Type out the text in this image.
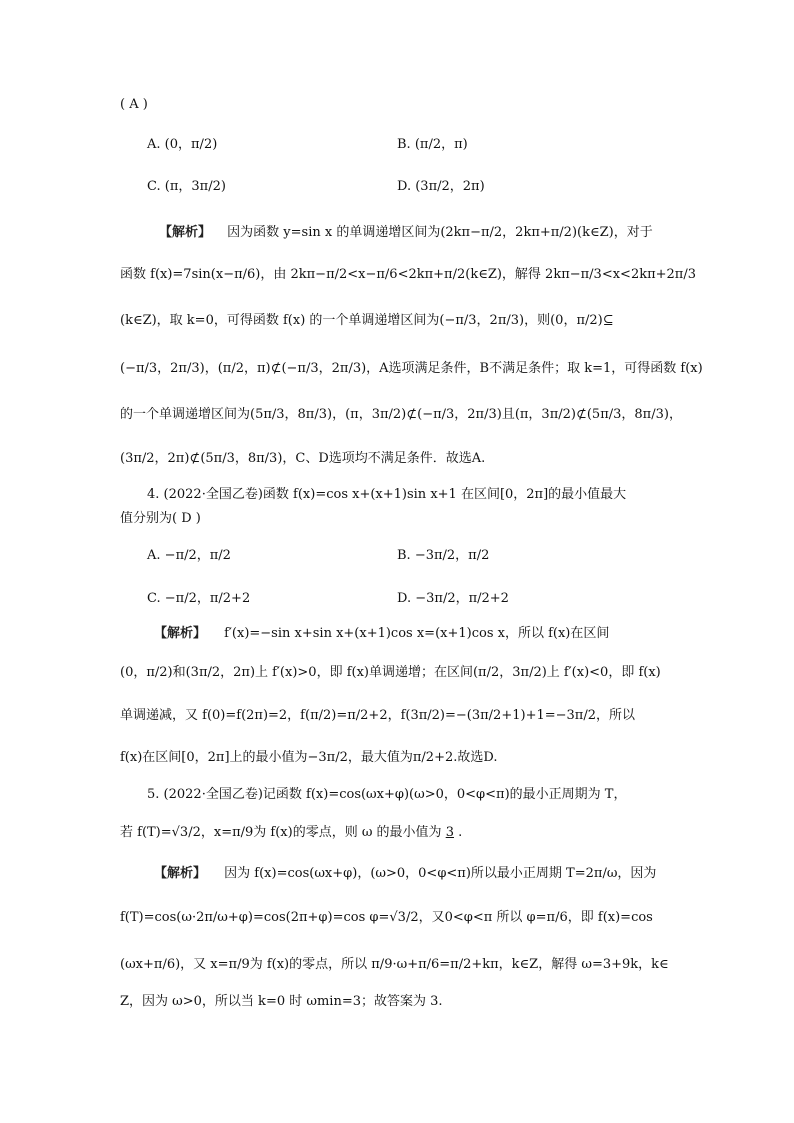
( A )
A. (0，π/2)	B. (π/2，π)
C. (π，3π/2)	D. (3π/2，2π)
【解析】 因为函数 y=sin x 的单调递增区间为(2kπ−π/2，2kπ+π/2)(k∈Z)，对于
函数 f(x)=7sin(x−π/6)，由 2kπ−π/2<x−π/6<2kπ+π/2(k∈Z)，解得 2kπ−π/3<x<2kπ+2π/3
(k∈Z)，取 k=0，可得函数 f(x) 的一个单调递增区间为(−π/3，2π/3)，则(0，π/2)⊆
(−π/3，2π/3)，(π/2，π)⊄(−π/3，2π/3)，A选项满足条件，B不满足条件；取 k=1，可得函数 f(x)
的一个单调递增区间为(5π/3，8π/3)，(π，3π/2)⊄(−π/3，2π/3)且(π，3π/2)⊄(5π/3，8π/3)，
(3π/2，2π)⊄(5π/3，8π/3)，C、D选项均不满足条件．故选A.
4. (2022·全国乙卷)函数 f(x)=cos x+(x+1)sin x+1 在区间[0，2π]的最小值最大
值分别为( D )
A. −π/2，π/2	B. −3π/2，π/2
C. −π/2，π/2+2	D. −3π/2，π/2+2
【解析】 f′(x)=−sin x+sin x+(x+1)cos x=(x+1)cos x，所以 f(x)在区间
(0，π/2)和(3π/2，2π)上 f′(x)>0，即 f(x)单调递增；在区间(π/2，3π/2)上 f′(x)<0，即 f(x)
单调递减，又 f(0)=f(2π)=2，f(π/2)=π/2+2，f(3π/2)=−(3π/2+1)+1=−3π/2，所以
f(x)在区间[0，2π]上的最小值为−3π/2，最大值为π/2+2.故选D.
5. (2022·全国乙卷)记函数 f(x)=cos(ωx+φ)(ω>0，0<φ<π)的最小正周期为 T，
若 f(T)=√3/2，x=π/9为 f(x)的零点，则 ω 的最小值为 3 .
【解析】 因为 f(x)=cos(ωx+φ)，(ω>0，0<φ<π)所以最小正周期 T=2π/ω，因为
f(T)=cos(ω·2π/ω+φ)=cos(2π+φ)=cos φ=√3/2，又0<φ<π 所以 φ=π/6，即 f(x)=cos
(ωx+π/6)，又 x=π/9为 f(x)的零点，所以 π/9·ω+π/6=π/2+kπ，k∈Z，解得 ω=3+9k，k∈
Z，因为 ω>0，所以当 k=0 时 ωmin=3；故答案为 3.
